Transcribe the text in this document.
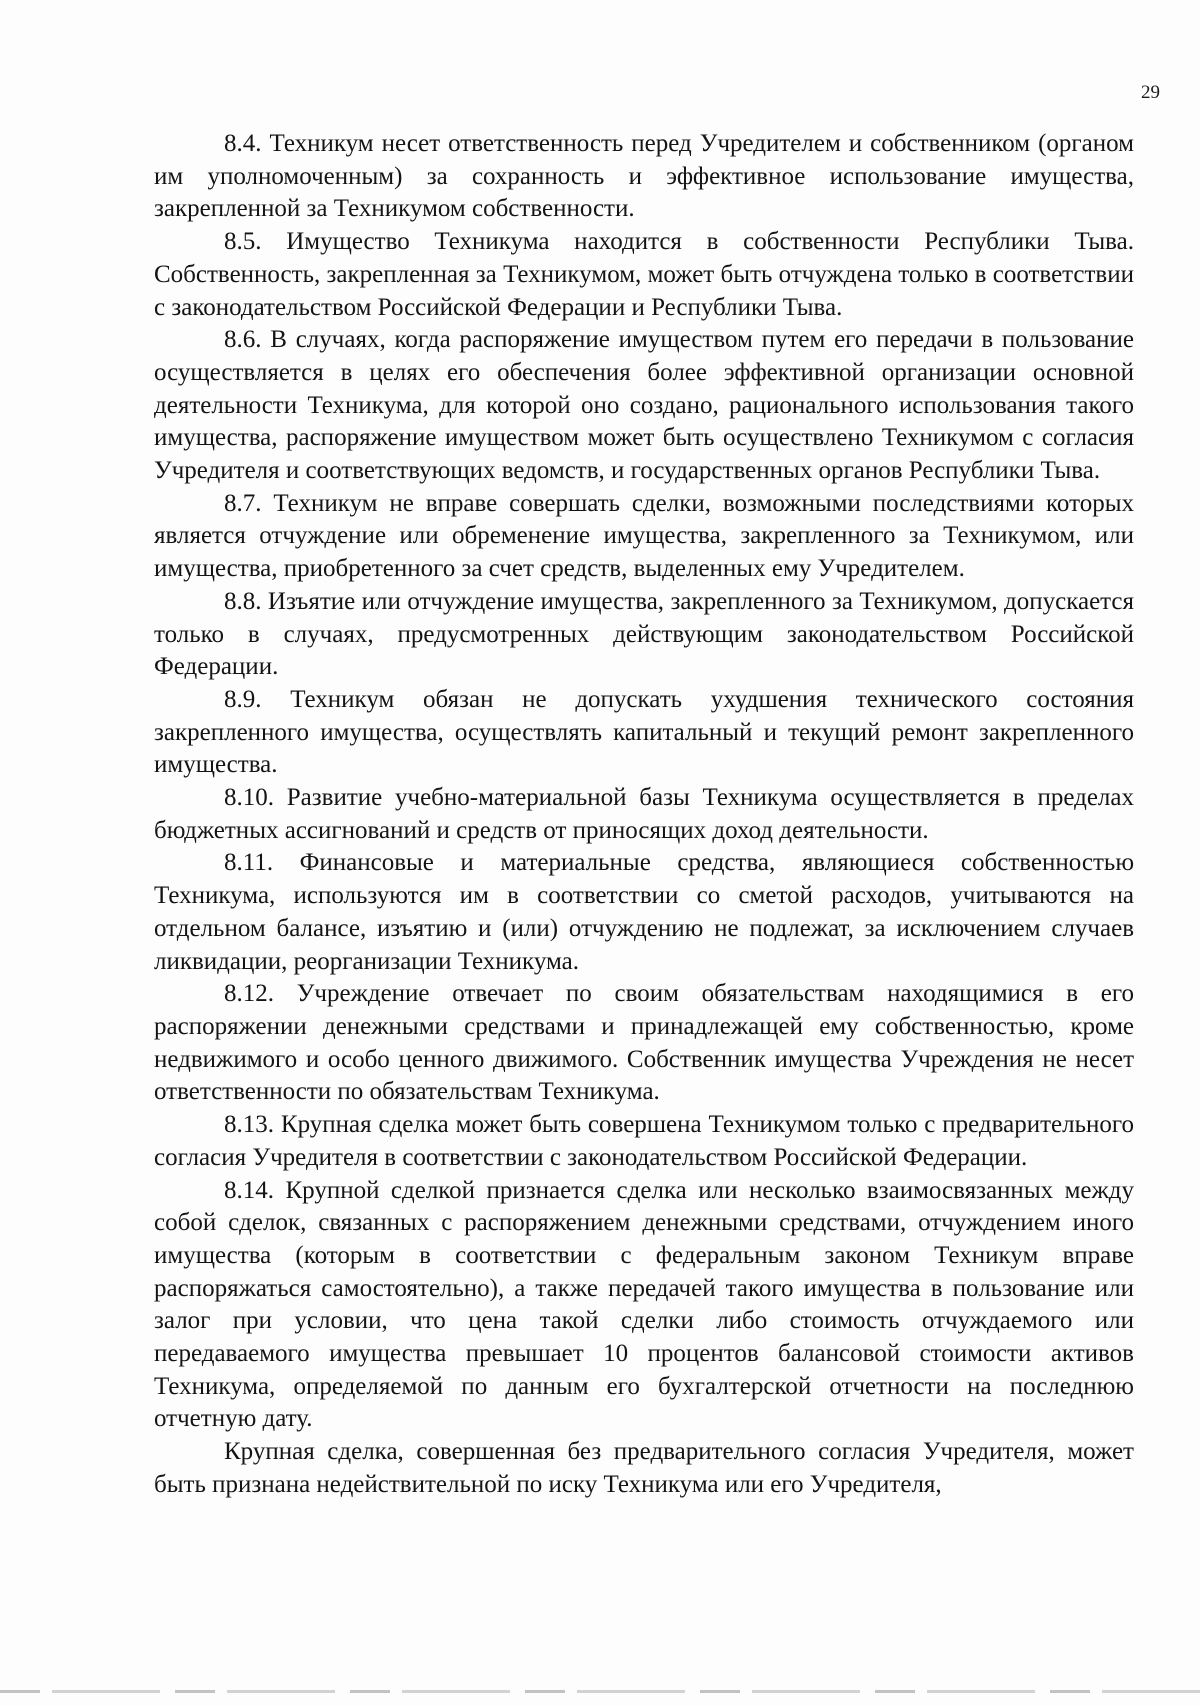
29

8.4. Техникум несет ответственность перед Учредителем и собственником (органом им уполномоченным) за сохранность и эффективное использование имущества, закрепленной за Техникумом собственности.

8.5. Имущество Техникума находится в собственности Республики Тыва. Собственность, закрепленная за Техникумом, может быть отчуждена только в соответствии с законодательством Российской Федерации и Республики Тыва.

8.6. В случаях, когда распоряжение имуществом путем его передачи в пользование осуществляется в целях его обеспечения более эффективной организации основной деятельности Техникума, для которой оно создано, рационального использования такого имущества, распоряжение имуществом может быть осуществлено Техникумом с согласия Учредителя и соответствующих ведомств, и государственных органов Республики Тыва.

8.7. Техникум не вправе совершать сделки, возможными последствиями которых является отчуждение или обременение имущества, закрепленного за Техникумом, или имущества, приобретенного за счет средств, выделенных ему Учредителем.

8.8. Изъятие или отчуждение имущества, закрепленного за Техникумом, допускается только в случаях, предусмотренных действующим законодательством Российской Федерации.

8.9. Техникум обязан не допускать ухудшения технического состояния закрепленного имущества, осуществлять капитальный и текущий ремонт закрепленного имущества.

8.10. Развитие учебно-материальной базы Техникума осуществляется в пределах бюджетных ассигнований и средств от приносящих доход деятельности.

8.11. Финансовые и материальные средства, являющиеся собственностью Техникума, используются им в соответствии со сметой расходов, учитываются на отдельном балансе, изъятию и (или) отчуждению не подлежат, за исключением случаев ликвидации, реорганизации Техникума.

8.12. Учреждение отвечает по своим обязательствам находящимися в его распоряжении денежными средствами и принадлежащей ему собственностью, кроме недвижимого и особо ценного движимого. Собственник имущества Учреждения не несет ответственности по обязательствам Техникума.

8.13. Крупная сделка может быть совершена Техникумом только с предварительного согласия Учредителя в соответствии с законодательством Российской Федерации.

8.14. Крупной сделкой признается сделка или несколько взаимосвязанных между собой сделок, связанных с распоряжением денежными средствами, отчуждением иного имущества (которым в соответствии с федеральным законом Техникум вправе распоряжаться самостоятельно), а также передачей такого имущества в пользование или залог при условии, что цена такой сделки либо стоимость отчуждаемого или передаваемого имущества превышает 10 процентов балансовой стоимости активов Техникума, определяемой по данным его бухгалтерской отчетности на последнюю отчетную дату.

Крупная сделка, совершенная без предварительного согласия Учредителя, может быть признана недействительной по иску Техникума или его Учредителя,
